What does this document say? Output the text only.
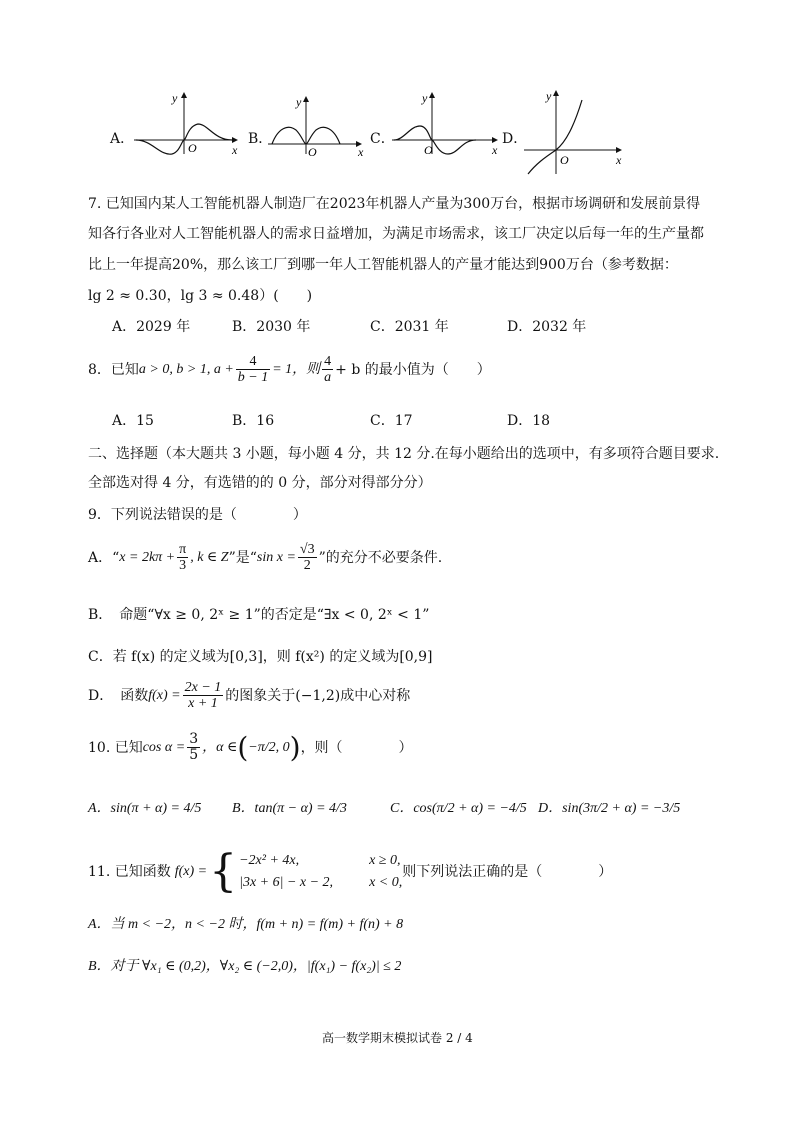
A．
y
x
O
B．
y
x
O
C．
y
x
O
D．
y
x
O
7. 已知国内某人工智能机器人制造厂在2023年机器人产量为300万台，根据市场调研和发展前景得
知各行各业对人工智能机器人的需求日益增加，为满足市场需求，该工厂决定以后每一年的生产量都
比上一年提高20%，那么该工厂到哪一年人工智能机器人的产量才能达到900万台（参考数据：
lg 2 ≈ 0.30，lg 3 ≈ 0.48）(　　)
A．2029 年	B．2030 年	C．2031 年	D．2032 年
8．已知 a > 0, b > 1, $a + \frac{4}{b - 1} = 1$，则 $\frac{4}{a} + b$ 的最小值为（　　）
A．15	B．16	C．17	D．18
二、选择题（本大题共 3 小题，每小题 4 分，共 12 分.在每小题给出的选项中，有多项符合题目要求.
全部选对得 4 分，有选错的的 0 分，部分对得部分分）
9．下列说法错误的是（　　　　）
A．“ $x = 2k\pi + \frac{\pi}{3}$ , k ∈ Z ”是“ $\sin x = \frac{√3}{2}$ ”的充分不必要条件.
B．　命题“∀x ≥ 0, 2ˣ ≥ 1”的否定是“∃x < 0, 2ˣ < 1”
C．若 f(x) 的定义域为[0,3]，则 f(x²) 的定义域为[0,9]
D．　函数 $f(x) = \frac{2x - 1}{x + 1}$ 的图象关于(−1,2)成中心对称
10. 已知 $\cos \alpha = \frac{3}{5}$ ，α ∈ ( −π/2, 0 ) ，则（　　　　）
A．sin(π + α) = 4/5 B．tan(π − α) = 4/3	C．cos(π/2 + α) = −4/5 D．sin(3π/2 + α) = −3/5
11. 已知函数 f(x) = { −2x² + 4x,	x ≥ 0,
|3x + 6| − x − 2,	x < 0,
则下列说法正确的是（　　　　）
A．当 m < −2，n < −2 时，f(m + n) = f(m) + f(n) + 8
B．对于 ∀x₁ ∈ (0,2)，∀x₂ ∈ (−2,0)，|f(x₁) − f(x₂)| ≤ 2
高一数学期末模拟试卷 2 / 4
